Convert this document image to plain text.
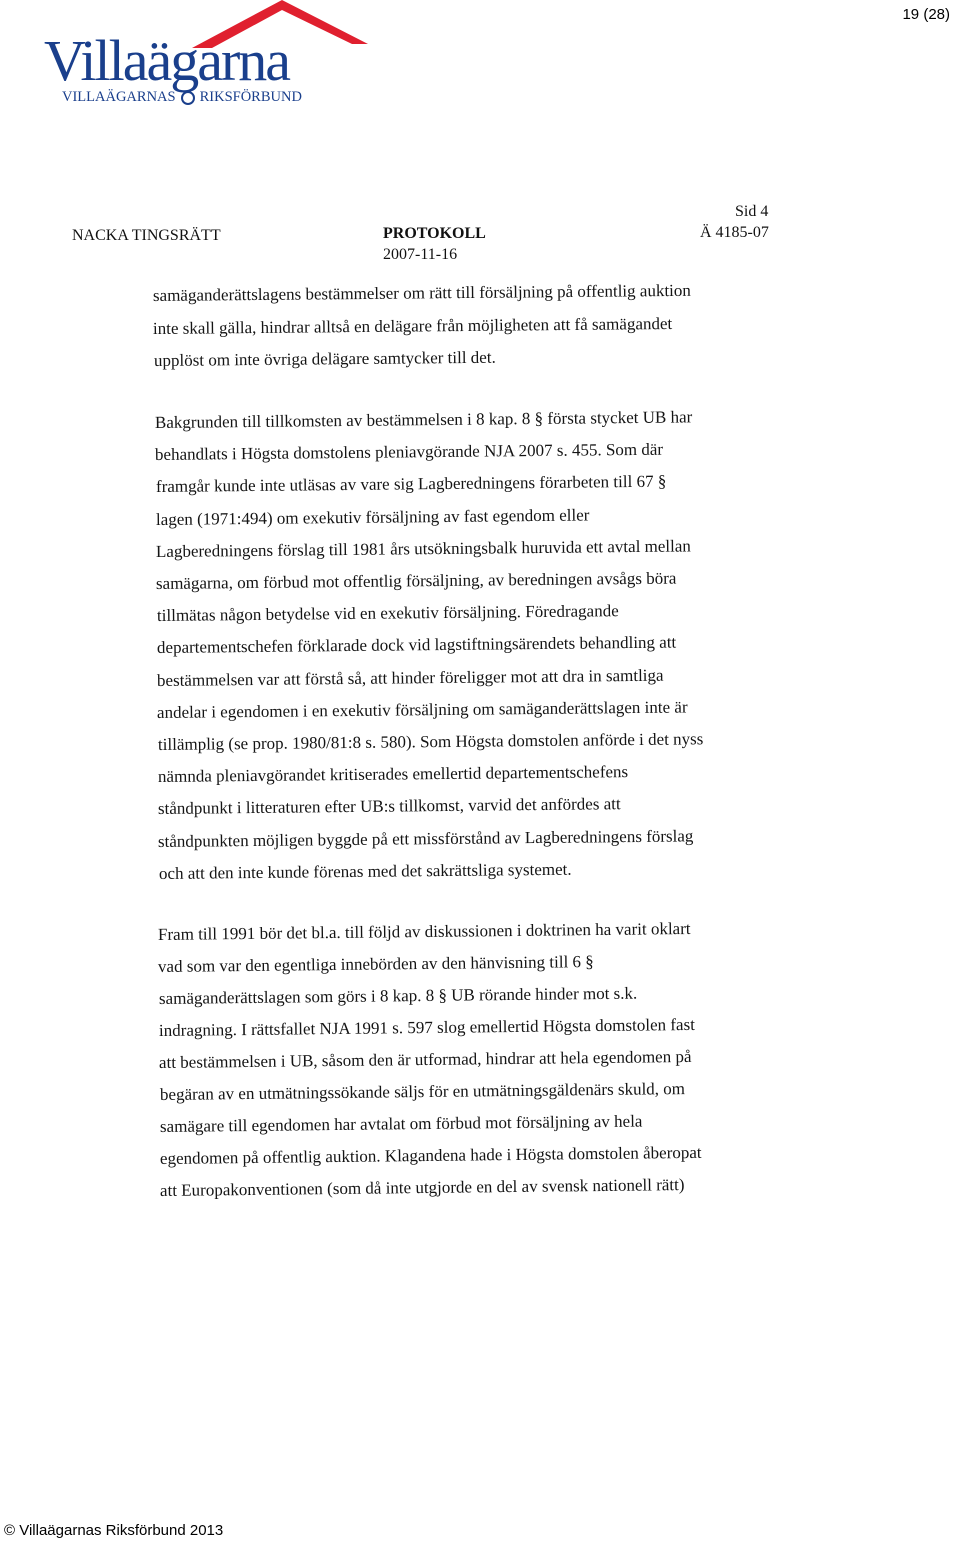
19 (28)
Villaägarna
VILLAÄGARNAS RIKSFÖRBUND
NACKA TINGSRÄTT	PROTOKOLL
2007-11-16
Sid 4
Ä 4185-07
samäganderättslagens bestämmelser om rätt till försäljning på offentlig auktion
inte skall gälla, hindrar alltså en delägare från möjligheten att få samägandet
upplöst om inte övriga delägare samtycker till det.
Bakgrunden till tillkomsten av bestämmelsen i 8 kap. 8 § första stycket UB har
behandlats i Högsta domstolens pleniavgörande NJA 2007 s. 455. Som där
framgår kunde inte utläsas av vare sig Lagberedningens förarbeten till 67 §
lagen (1971:494) om exekutiv försäljning av fast egendom eller
Lagberedningens förslag till 1981 års utsökningsbalk huruvida ett avtal mellan
samägarna, om förbud mot offentlig försäljning, av beredningen avsågs böra
tillmätas någon betydelse vid en exekutiv försäljning. Föredragande
departementschefen förklarade dock vid lagstiftningsärendets behandling att
bestämmelsen var att förstå så, att hinder föreligger mot att dra in samtliga
andelar i egendomen i en exekutiv försäljning om samäganderättslagen inte är
tillämplig (se prop. 1980/81:8 s. 580). Som Högsta domstolen anförde i det nyss
nämnda pleniavgörandet kritiserades emellertid departementschefens
ståndpunkt i litteraturen efter UB:s tillkomst, varvid det anfördes att
ståndpunkten möjligen byggde på ett missförstånd av Lagberedningens förslag
och att den inte kunde förenas med det sakrättsliga systemet.
Fram till 1991 bör det bl.a. till följd av diskussionen i doktrinen ha varit oklart
vad som var den egentliga innebörden av den hänvisning till 6 §
samäganderättslagen som görs i 8 kap. 8 § UB rörande hinder mot s.k.
indragning. I rättsfallet NJA 1991 s. 597 slog emellertid Högsta domstolen fast
att bestämmelsen i UB, såsom den är utformad, hindrar att hela egendomen på
begäran av en utmätningssökande säljs för en utmätningsgäldenärs skuld, om
samägare till egendomen har avtalat om förbud mot försäljning av hela
egendomen på offentlig auktion. Klagandena hade i Högsta domstolen åberopat
att Europakonventionen (som då inte utgjorde en del av svensk nationell rätt)
© Villaägarnas Riksförbund 2013
